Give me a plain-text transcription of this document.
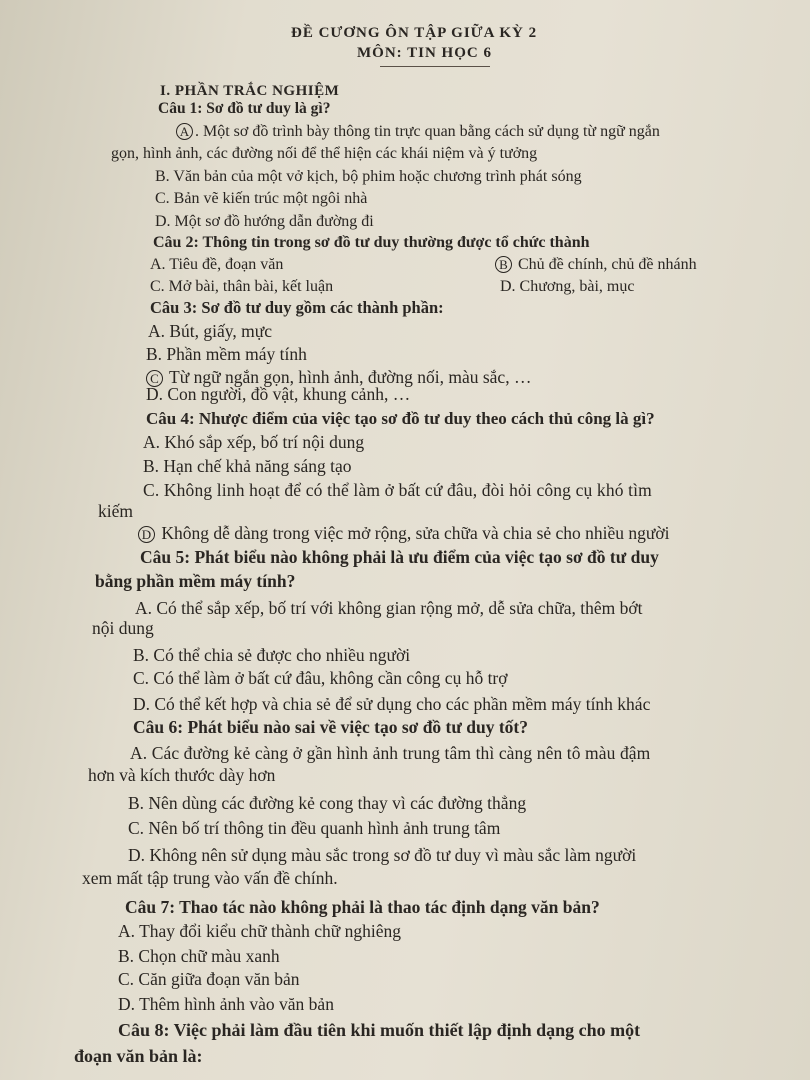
ĐỀ CƯƠNG ÔN TẬP GIỮA KỲ 2
MÔN: TIN HỌC 6
I. PHẦN TRẮC NGHIỆM
Câu 1: Sơ đồ tư duy là gì?
A . Một sơ đồ trình bày thông tin trực quan bằng cách sử dụng từ ngữ ngắn
gọn, hình ảnh, các đường nối để thể hiện các khái niệm và ý tưởng
B. Văn bản của một vở kịch, bộ phim hoặc chương trình phát sóng
C. Bản vẽ kiến trúc một ngôi nhà
D. Một sơ đồ hướng dẫn đường đi
Câu 2: Thông tin trong sơ đồ tư duy thường được tổ chức thành
A. Tiêu đề, đoạn văn	B Chủ đề chính, chủ đề nhánh
C. Mở bài, thân bài, kết luận	D. Chương, bài, mục
Câu 3: Sơ đồ tư duy gồm các thành phần:
A. Bút, giấy, mực
B. Phần mềm máy tính
C Từ ngữ ngắn gọn, hình ảnh, đường nối, màu sắc, …
D. Con người, đồ vật, khung cảnh, …
Câu 4: Nhược điểm của việc tạo sơ đồ tư duy theo cách thủ công là gì?
A. Khó sắp xếp, bố trí nội dung
B. Hạn chế khả năng sáng tạo
C. Không linh hoạt để có thể làm ở bất cứ đâu, đòi hỏi công cụ khó tìm
kiếm
D Không dễ dàng trong việc mở rộng, sửa chữa và chia sẻ cho nhiều người
Câu 5: Phát biểu nào không phải là ưu điểm của việc tạo sơ đồ tư duy
bằng phần mềm máy tính?
A. Có thể sắp xếp, bố trí với không gian rộng mở, dễ sửa chữa, thêm bớt
nội dung
B. Có thể chia sẻ được cho nhiều người
C. Có thể làm ở bất cứ đâu, không cần công cụ hỗ trợ
D. Có thể kết hợp và chia sẻ để sử dụng cho các phần mềm máy tính khác
Câu 6: Phát biểu nào sai về việc tạo sơ đồ tư duy tốt?
A. Các đường kẻ càng ở gần hình ảnh trung tâm thì càng nên tô màu đậm
hơn và kích thước dày hơn
B. Nên dùng các đường kẻ cong thay vì các đường thẳng
C. Nên bố trí thông tin đều quanh hình ảnh trung tâm
D. Không nên sử dụng màu sắc trong sơ đồ tư duy vì màu sắc làm người
xem mất tập trung vào vấn đề chính.
Câu 7: Thao tác nào không phải là thao tác định dạng văn bản?
A. Thay đổi kiểu chữ thành chữ nghiêng
B. Chọn chữ màu xanh
C. Căn giữa đoạn văn bản
D. Thêm hình ảnh vào văn bản
Câu 8: Việc phải làm đầu tiên khi muốn thiết lập định dạng cho một
đoạn văn bản là:
